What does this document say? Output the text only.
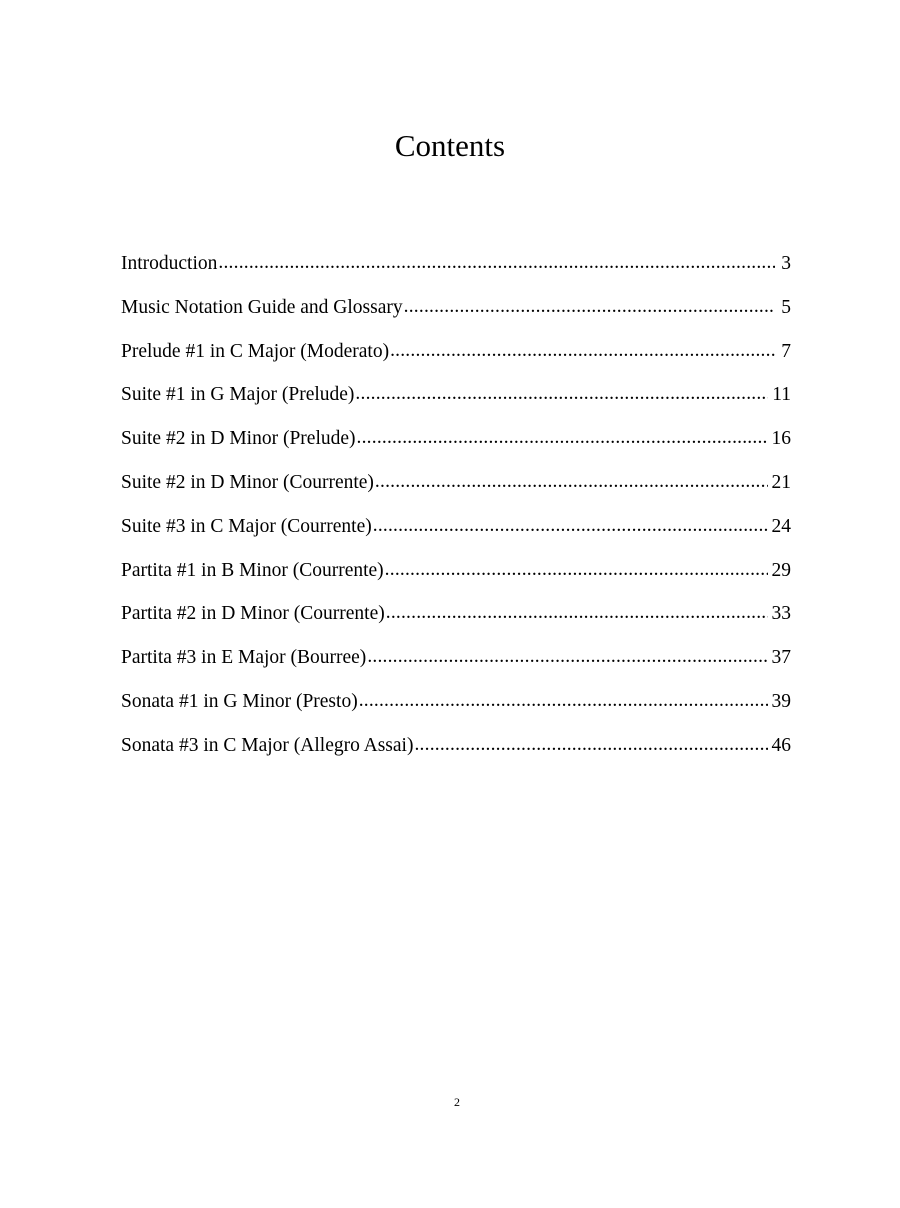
Contents
Introduction .....	3
Music Notation Guide and Glossary .....	5
Prelude #1 in C Major (Moderato) .....	7
Suite #1 in G Major (Prelude) .....	11
Suite #2 in D Minor (Prelude) .....	16
Suite #2 in D Minor (Courrente) .....	21
Suite #3 in C Major (Courrente) .....	24
Partita #1 in B Minor (Courrente) .....	29
Partita #2 in D Minor (Courrente) .....	33
Partita #3 in E Major (Bourree) .....	37
Sonata #1 in G Minor (Presto) .....	39
Sonata #3 in C Major (Allegro Assai) .....	46
2
